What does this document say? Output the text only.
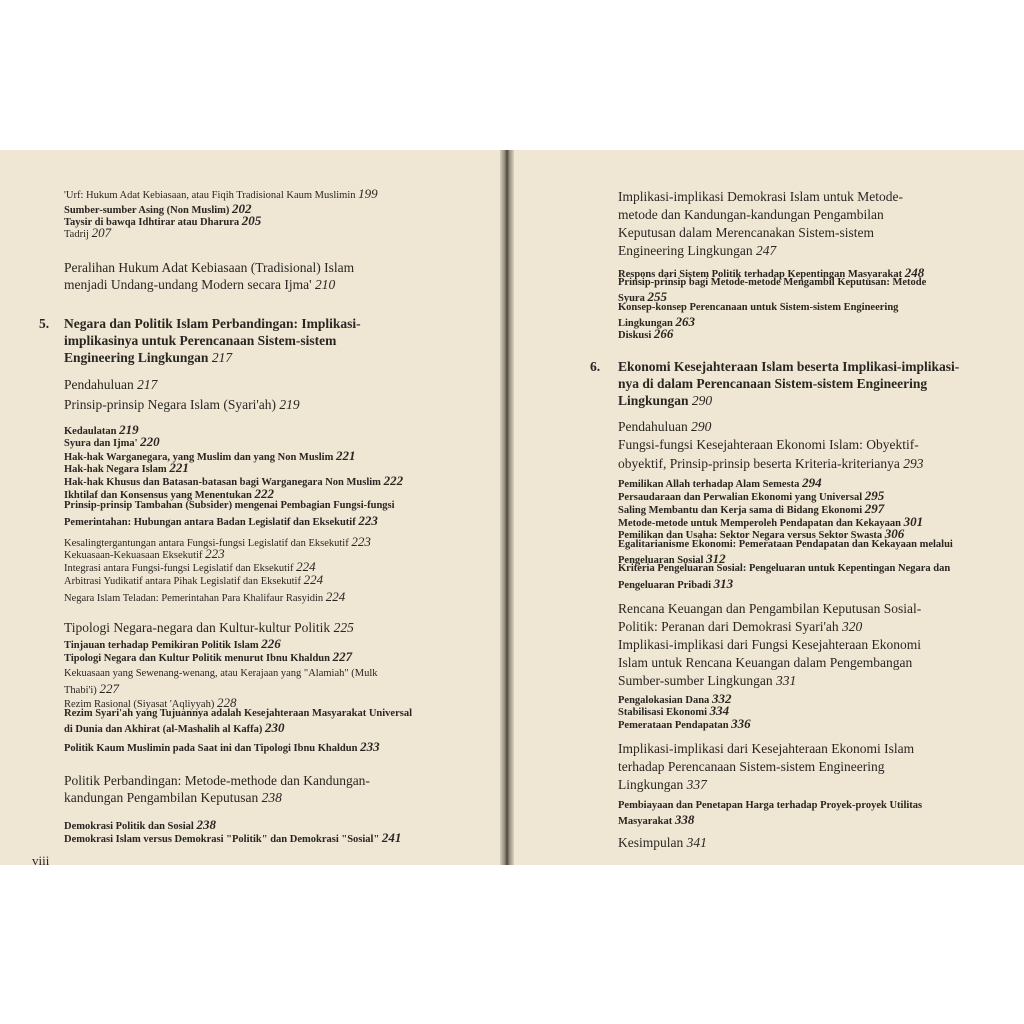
'Urf: Hukum Adat Kebiasaan, atau Fiqih Tradisional Kaum Muslimin 199
Sumber-sumber Asing (Non Muslim) 202
Taysir di bawqa Idhtirar atau Dharura 205
Tadrij 207
Peralihan Hukum Adat Kebiasaan (Tradisional) Islam
menjadi Undang-undang Modern secara Ijma' 210
Negara dan Politik Islam Perbandingan: Implikasi-
implikasinya untuk Perencanaan Sistem-sistem
Engineering Lingkungan 217
Pendahuluan 217
Prinsip-prinsip Negara Islam (Syari'ah) 219
Kedaulatan 219
Syura dan Ijma' 220
Hak-hak Warganegara, yang Muslim dan yang Non Muslim 221
Hak-hak Negara Islam 221
Hak-hak Khusus dan Batasan-batasan bagi Warganegara Non Muslim 222
Ikhtilaf dan Konsensus yang Menentukan 222
Prinsip-prinsip Tambahan (Subsider) mengenai Pembagian Fungsi-fungsi
Pemerintahan: Hubungan antara Badan Legislatif dan Eksekutif 223
Kesalingtergantungan antara Fungsi-fungsi Legislatif dan Eksekutif 223
Kekuasaan-Kekuasaan Eksekutif 223
Integrasi antara Fungsi-fungsi Legislatif dan Eksekutif 224
Arbitrasi Yudikatif antara Pihak Legislatif dan Eksekutif 224
Negara Islam Teladan: Pemerintahan Para Khalifaur Rasyidin 224
Tipologi Negara-negara dan Kultur-kultur Politik 225
Tinjauan terhadap Pemikiran Politik Islam 226
Tipologi Negara dan Kultur Politik menurut Ibnu Khaldun 227
Kekuasaan yang Sewenang-wenang, atau Kerajaan yang "Alamiah" (Mulk
Thabi'i) 227
Rezim Rasional (Siyasat 'Aqliyyah) 228
Rezim Syari'ah yang Tujuannya adalah Kesejahteraan Masyarakat Universal
di Dunia dan Akhirat (al-Mashalih al Kaffa) 230
Politik Kaum Muslimin pada Saat ini dan Tipologi Ibnu Khaldun 233
Politik Perbandingan: Metode-methode dan Kandungan-
kandungan Pengambilan Keputusan 238
Demokrasi Politik dan Sosial 238
Demokrasi Islam versus Demokrasi "Politik" dan Demokrasi "Sosial" 241
5.
viii
Implikasi-implikasi Demokrasi Islam untuk Metode-
metode dan Kandungan-kandungan Pengambilan
Keputusan dalam Merencanakan Sistem-sistem
Engineering Lingkungan 247
Respons dari Sistem Politik terhadap Kepentingan Masyarakat 248
Prinsip-prinsip bagi Metode-metode Mengambil Keputusan: Metode
Syura 255
Konsep-konsep Perencanaan untuk Sistem-sistem Engineering
Lingkungan 263
Diskusi 266
Ekonomi Kesejahteraan Islam beserta Implikasi-implikasi-
nya di dalam Perencanaan Sistem-sistem Engineering
Lingkungan 290
Pendahuluan 290
Fungsi-fungsi Kesejahteraan Ekonomi Islam: Obyektif-
obyektif, Prinsip-prinsip beserta Kriteria-kriterianya 293
Pemilikan Allah terhadap Alam Semesta 294
Persaudaraan dan Perwalian Ekonomi yang Universal 295
Saling Membantu dan Kerja sama di Bidang Ekonomi 297
Metode-metode untuk Memperoleh Pendapatan dan Kekayaan 301
Pemilikan dan Usaha: Sektor Negara versus Sektor Swasta 306
Egalitarianisme Ekonomi: Pemerataan Pendapatan dan Kekayaan melalui
Pengeluaran Sosial 312
Kriteria Pengeluaran Sosial: Pengeluaran untuk Kepentingan Negara dan
Pengeluaran Pribadi 313
Rencana Keuangan dan Pengambilan Keputusan Sosial-
Politik: Peranan dari Demokrasi Syari'ah 320
Implikasi-implikasi dari Fungsi Kesejahteraan Ekonomi
Islam untuk Rencana Keuangan dalam Pengembangan
Sumber-sumber Lingkungan 331
Pengalokasian Dana 332
Stabilisasi Ekonomi 334
Pemerataan Pendapatan 336
Implikasi-implikasi dari Kesejahteraan Ekonomi Islam
terhadap Perencanaan Sistem-sistem Engineering
Lingkungan 337
Pembiayaan dan Penetapan Harga terhadap Proyek-proyek Utilitas
Masyarakat 338
Kesimpulan 341
6.
